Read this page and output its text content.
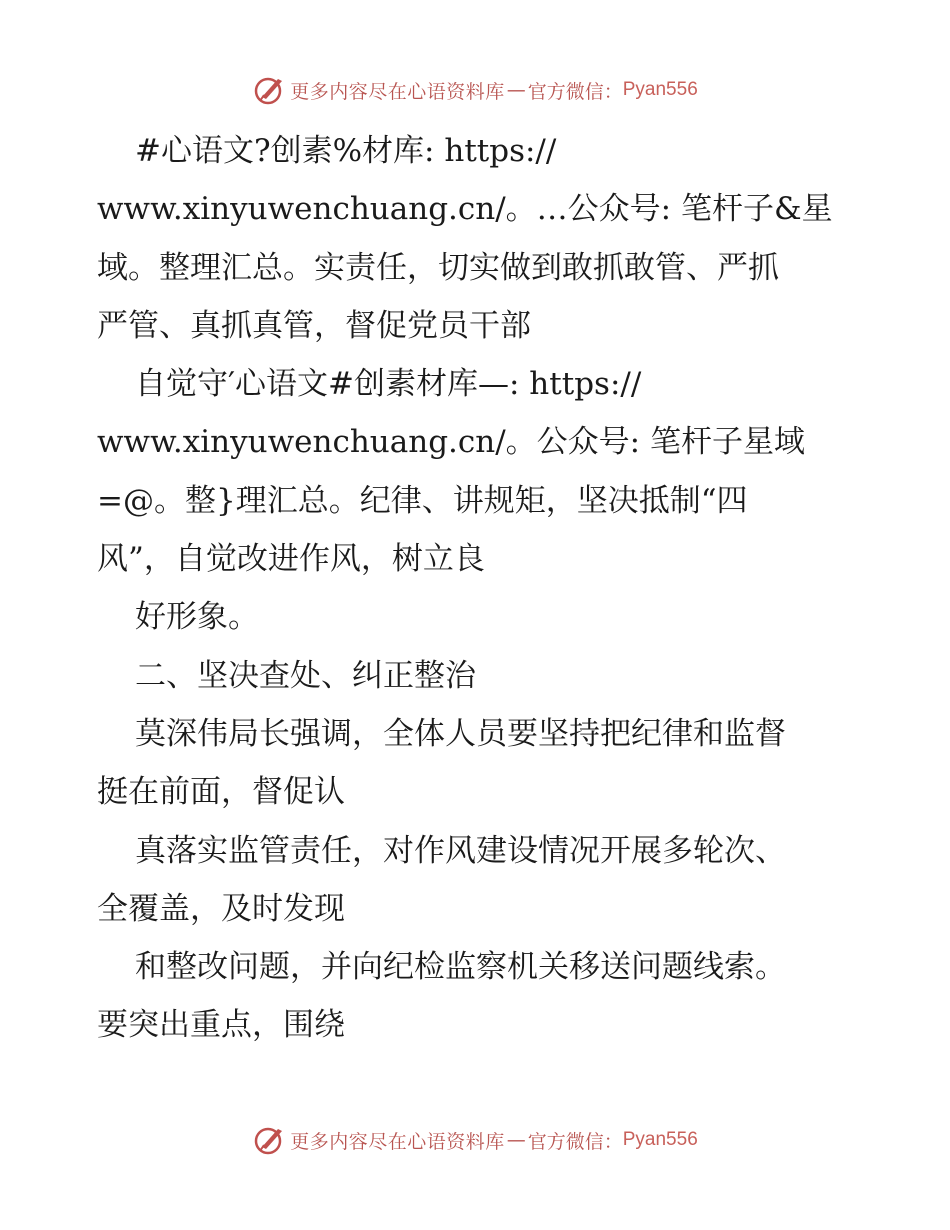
更多内容尽在心语资料库 — 官方微信： Pyan556
#心语文?创素%材库: https://
www.xinyuwenchuang.cn/。…公众号: 笔杆子&星
域。整理汇总。实责任，切实做到敢抓敢管、严抓
严管、真抓真管，督促党员干部
自觉守′心语文#创素材库—: https://
www.xinyuwenchuang.cn/。公众号: 笔杆子星域
=@。整}理汇总。纪律、讲规矩，坚决抵制“四
风”，自觉改进作风，树立良
好形象。
二、坚决查处、纠正整治
莫深伟局长强调，全体人员要坚持把纪律和监督
挺在前面，督促认
真落实监管责任，对作风建设情况开展多轮次、
全覆盖，及时发现
和整改问题，并向纪检监察机关移送问题线索。
要突出重点，围绕
更多内容尽在心语资料库 — 官方微信： Pyan556
